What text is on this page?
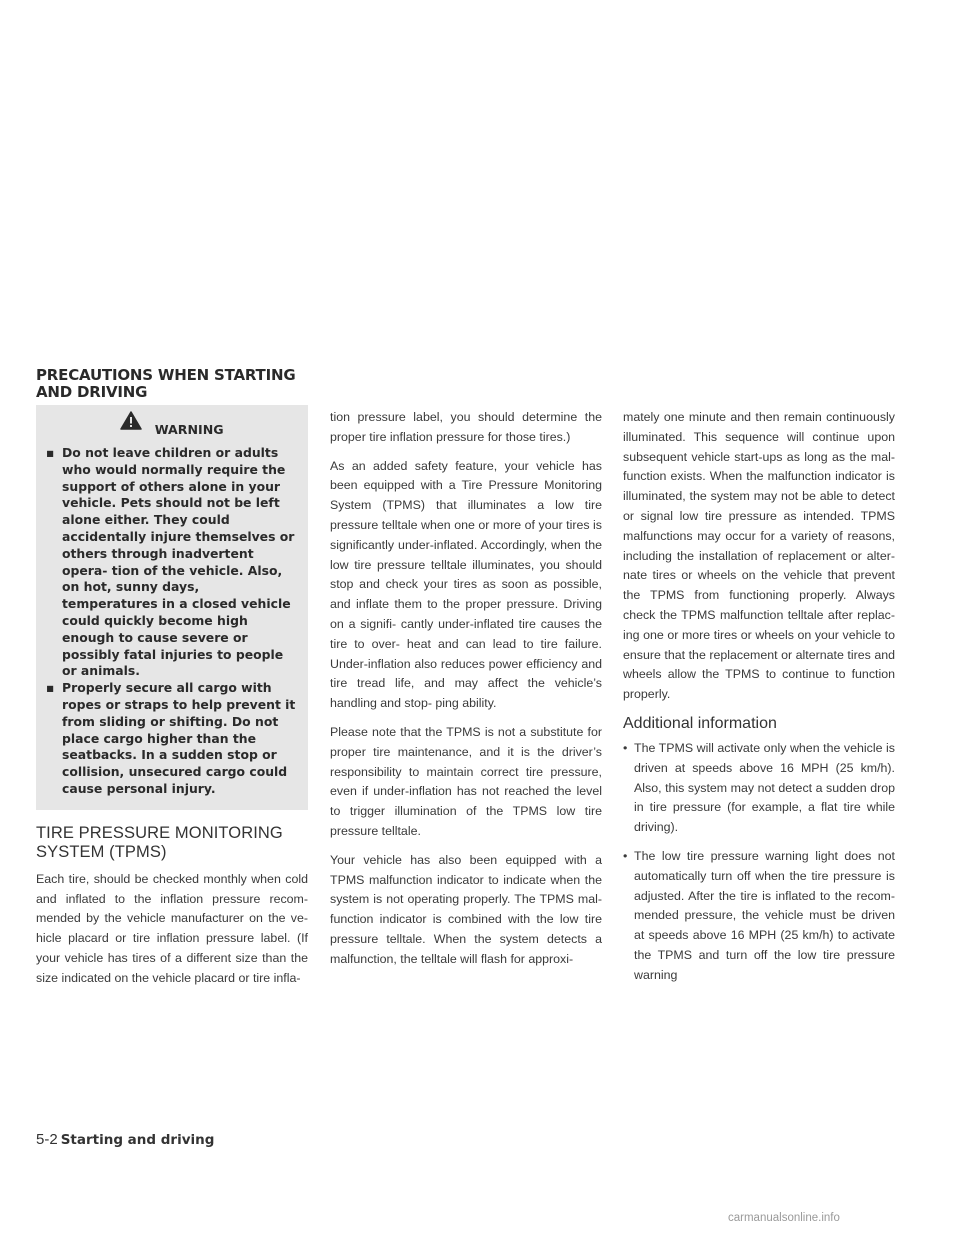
PRECAUTIONS WHEN STARTING AND DRIVING
WARNING
▪ Do not leave children or adults who would normally require the support of others alone in your vehicle. Pets should not be left alone either. They could accidentally injure themselves or others through inadvertent opera- tion of the vehicle. Also, on hot, sunny days, temperatures in a closed vehicle could quickly become high enough to cause severe or possibly fatal injuries to people or animals.
▪ Properly secure all cargo with ropes or straps to help prevent it from sliding or shifting. Do not place cargo higher than the seatbacks. In a sudden stop or collision, unsecured cargo could cause personal injury.
TIRE PRESSURE MONITORING SYSTEM (TPMS)

Each tire, should be checked monthly when cold and inflated to the inflation pressure recom- mended by the vehicle manufacturer on the ve- hicle placard or tire inflation pressure label. (If your vehicle has tires of a different size than the size indicated on the vehicle placard or tire infla-

tion pressure label, you should determine the proper tire inflation pressure for those tires.)

As an added safety feature, your vehicle has been equipped with a Tire Pressure Monitoring System (TPMS) that illuminates a low tire pressure telltale when one or more of your tires is significantly under-inflated. Accordingly, when the low tire pressure telltale illuminates, you should stop and check your tires as soon as possible, and inflate them to the proper pressure. Driving on a signifi- cantly under-inflated tire causes the tire to over- heat and can lead to tire failure. Under-inflation also reduces power efficiency and tire tread life, and may affect the vehicle’s handling and stop- ping ability.

Please note that the TPMS is not a substitute for proper tire maintenance, and it is the driver’s responsibility to maintain correct tire pressure, even if under-inflation has not reached the level to trigger illumination of the TPMS low tire pressure telltale.

Your vehicle has also been equipped with a TPMS malfunction indicator to indicate when the system is not operating properly. The TPMS mal- function indicator is combined with the low tire pressure telltale. When the system detects a malfunction, the telltale will flash for approxi-

mately one minute and then remain continuously illuminated. This sequence will continue upon subsequent vehicle start-ups as long as the mal- function exists. When the malfunction indicator is illuminated, the system may not be able to detect or signal low tire pressure as intended. TPMS malfunctions may occur for a variety of reasons, including the installation of replacement or alter- nate tires or wheels on the vehicle that prevent the TPMS from functioning properly. Always check the TPMS malfunction telltale after replac- ing one or more tires or wheels on your vehicle to ensure that the replacement or alternate tires and wheels allow the TPMS to continue to function properly.

Additional information
• The TPMS will activate only when the vehicle is driven at speeds above 16 MPH (25 km/h). Also, this system may not detect a sudden drop in tire pressure (for example, a flat tire while driving).
• The low tire pressure warning light does not automatically turn off when the tire pressure is adjusted. After the tire is inflated to the recom- mended pressure, the vehicle must be driven at speeds above 16 MPH (25 km/h) to activate the TPMS and turn off the low tire pressure warning
5-2 Starting and driving
carmanualsonline.info
